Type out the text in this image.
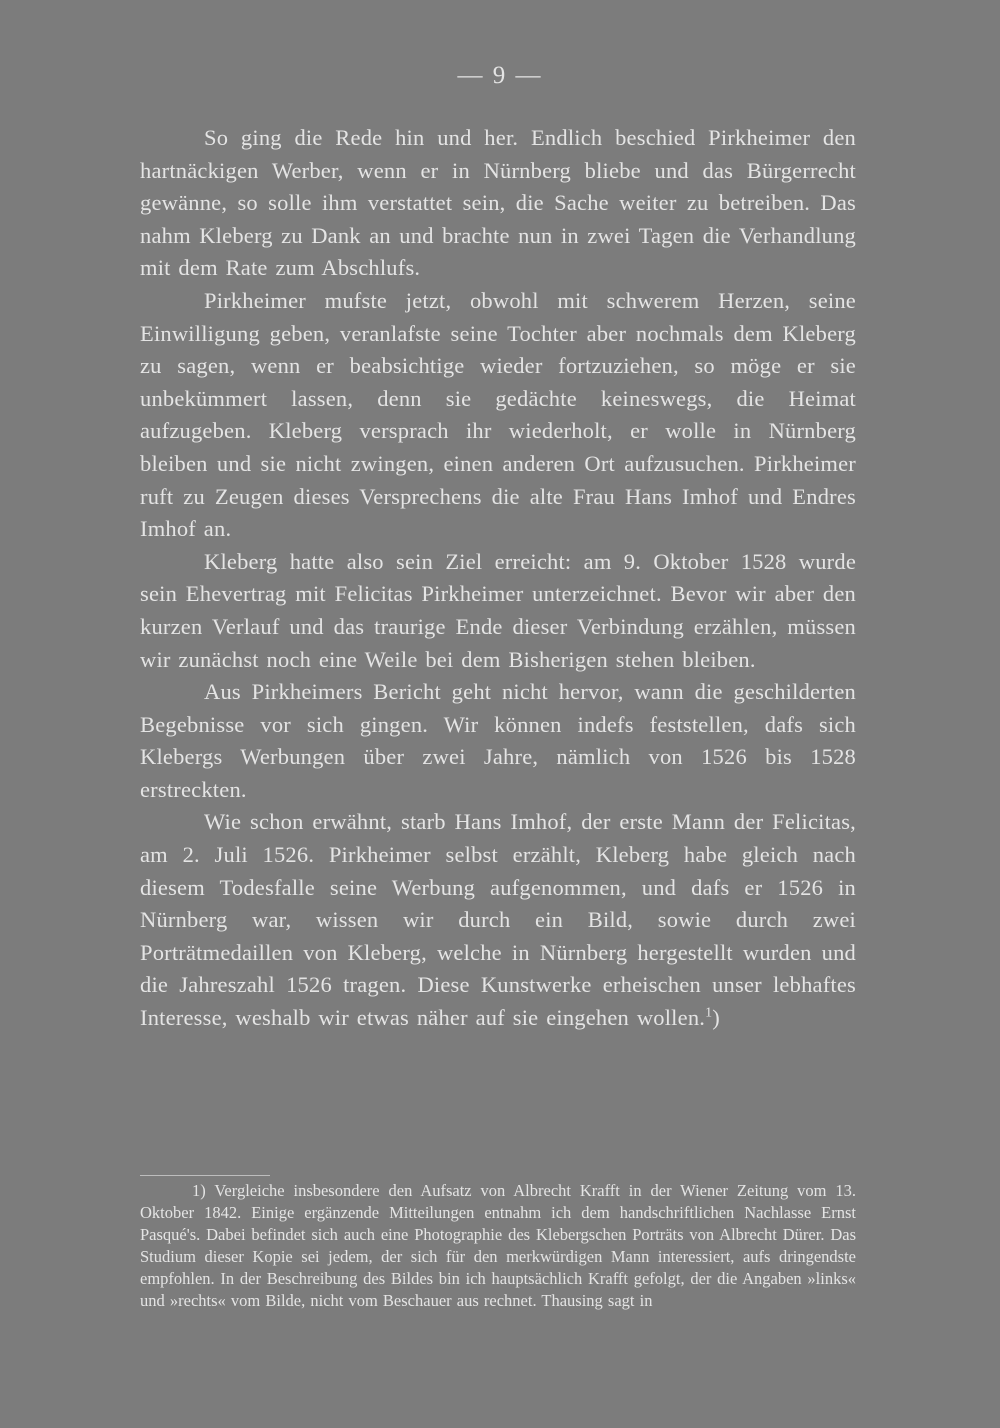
— 9 —

So ging die Rede hin und her. Endlich beschied Pirkheimer den hartnäckigen Werber, wenn er in Nürnberg bliebe und das Bürgerrecht gewänne, so solle ihm verstattet sein, die Sache weiter zu betreiben. Das nahm Kleberg zu Dank an und brachte nun in zwei Tagen die Verhandlung mit dem Rate zum Abschlufs.

Pirkheimer mufste jetzt, obwohl mit schwerem Herzen, seine Einwilligung geben, veranlafste seine Tochter aber nochmals dem Kleberg zu sagen, wenn er beabsichtige wieder fortzuziehen, so möge er sie unbekümmert lassen, denn sie gedächte keineswegs, die Heimat aufzugeben. Kleberg versprach ihr wiederholt, er wolle in Nürnberg bleiben und sie nicht zwingen, einen anderen Ort aufzusuchen. Pirkheimer ruft zu Zeugen dieses Versprechens die alte Frau Hans Imhof und Endres Imhof an.

Kleberg hatte also sein Ziel erreicht: am 9. Oktober 1528 wurde sein Ehevertrag mit Felicitas Pirkheimer unterzeichnet. Bevor wir aber den kurzen Verlauf und das traurige Ende dieser Verbindung erzählen, müssen wir zunächst noch eine Weile bei dem Bisherigen stehen bleiben.

Aus Pirkheimers Bericht geht nicht hervor, wann die geschilderten Begebnisse vor sich gingen. Wir können indefs feststellen, dafs sich Klebergs Werbungen über zwei Jahre, nämlich von 1526 bis 1528 erstreckten.

Wie schon erwähnt, starb Hans Imhof, der erste Mann der Felicitas, am 2. Juli 1526. Pirkheimer selbst erzählt, Kleberg habe gleich nach diesem Todesfalle seine Werbung aufgenommen, und dafs er 1526 in Nürnberg war, wissen wir durch ein Bild, sowie durch zwei Porträtmedaillen von Kleberg, welche in Nürnberg hergestellt wurden und die Jahreszahl 1526 tragen. Diese Kunstwerke erheischen unser lebhaftes Interesse, weshalb wir etwas näher auf sie eingehen wollen.$^1$)

1) Vergleiche insbesondere den Aufsatz von Albrecht Krafft in der Wiener Zeitung vom 13. Oktober 1842. Einige ergänzende Mitteilungen entnahm ich dem handschriftlichen Nachlasse Ernst Pasqué's. Dabei befindet sich auch eine Photographie des Klebergschen Porträts von Albrecht Dürer. Das Studium dieser Kopie sei jedem, der sich für den merkwürdigen Mann interessiert, aufs dringendste empfohlen. In der Beschreibung des Bildes bin ich hauptsächlich Krafft gefolgt, der die Angaben »links« und »rechts« vom Bilde, nicht vom Beschauer aus rechnet. Thausing sagt in
